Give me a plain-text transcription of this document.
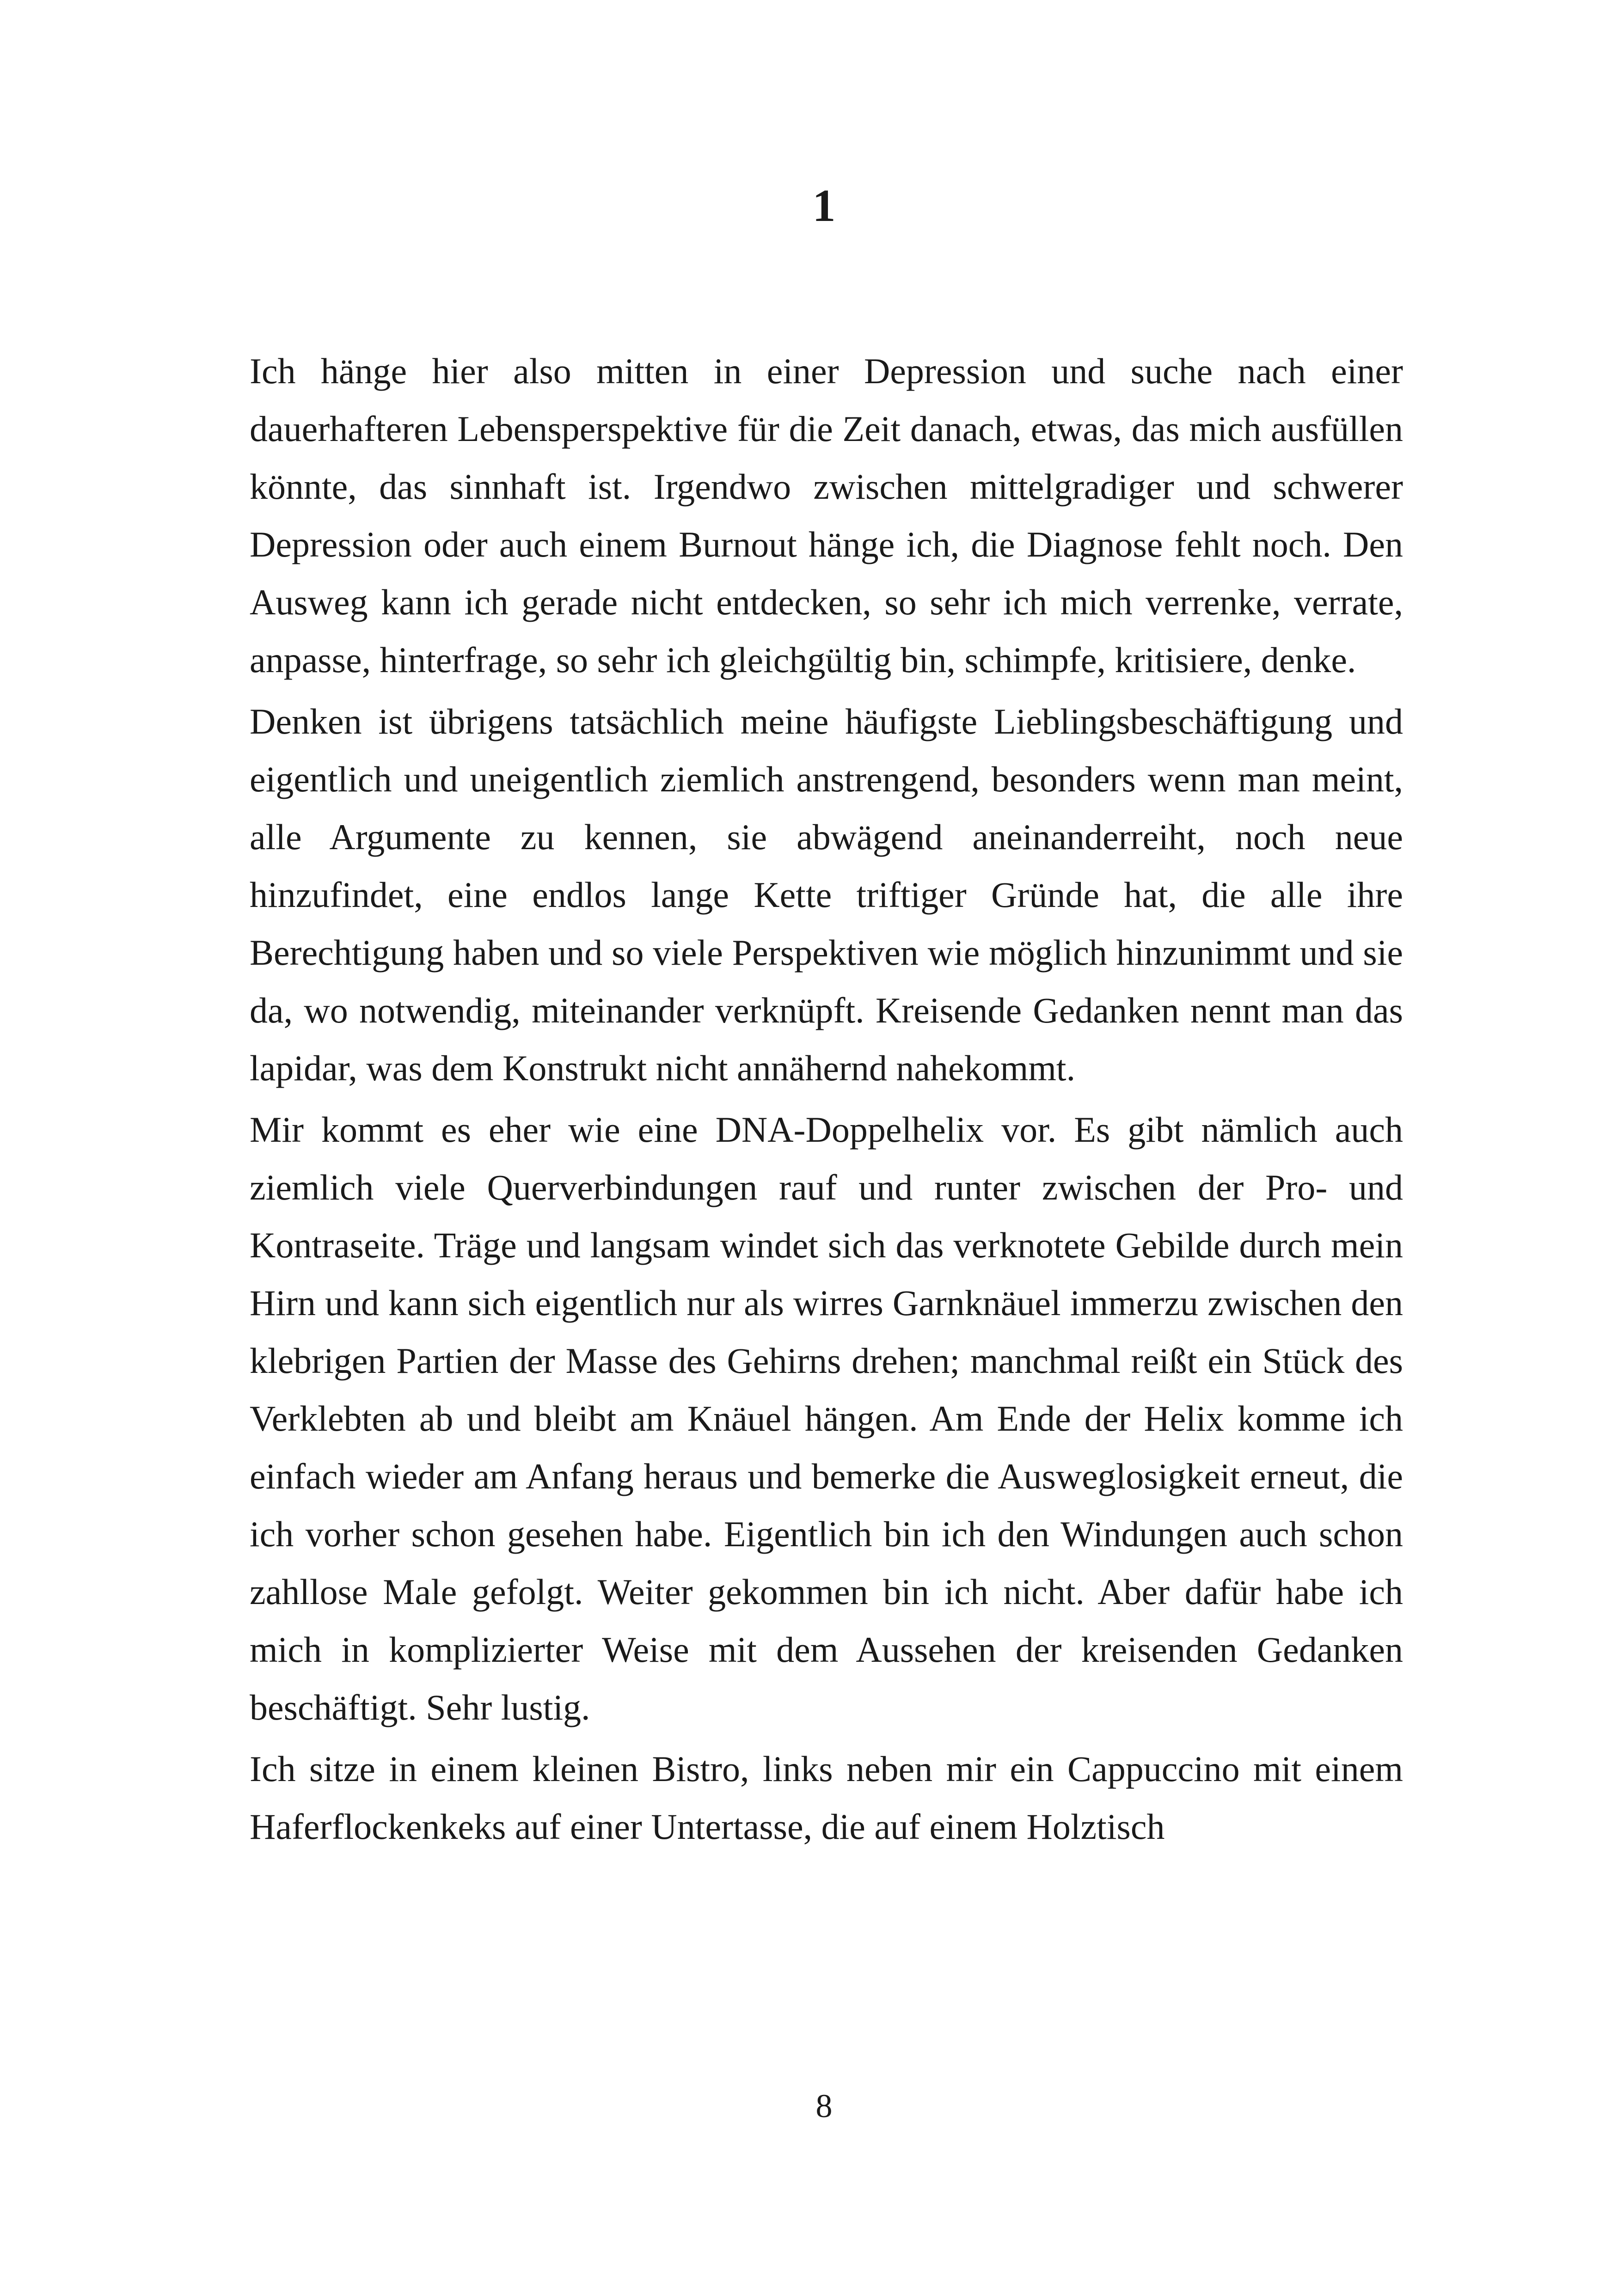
1

Ich hänge hier also mitten in einer Depression und suche nach einer dauerhafteren Lebensperspektive für die Zeit danach, etwas, das mich ausfüllen könnte, das sinnhaft ist. Irgendwo zwischen mittelgradiger und schwerer Depression oder auch einem Burnout hänge ich, die Diagnose fehlt noch. Den Ausweg kann ich gerade nicht entdecken, so sehr ich mich verrenke, verrate, anpasse, hinterfrage, so sehr ich gleichgültig bin, schimpfe, kritisiere, denke.

Denken ist übrigens tatsächlich meine häufigste Lieblingsbeschäftigung und eigentlich und uneigentlich ziemlich anstrengend, besonders wenn man meint, alle Argumente zu kennen, sie abwägend aneinanderreiht, noch neue hinzufindet, eine endlos lange Kette triftiger Gründe hat, die alle ihre Berechtigung haben und so viele Perspektiven wie möglich hinzunimmt und sie da, wo notwendig, miteinander verknüpft. Kreisende Gedanken nennt man das lapidar, was dem Konstrukt nicht annähernd nahekommt.

Mir kommt es eher wie eine DNA-Doppelhelix vor. Es gibt nämlich auch ziemlich viele Querverbindungen rauf und runter zwischen der Pro- und Kontraseite. Träge und langsam windet sich das verknotete Gebilde durch mein Hirn und kann sich eigentlich nur als wirres Garnknäuel immerzu zwischen den klebrigen Partien der Masse des Gehirns drehen; manchmal reißt ein Stück des Verklebten ab und bleibt am Knäuel hängen. Am Ende der Helix komme ich einfach wieder am Anfang heraus und bemerke die Ausweglosigkeit erneut, die ich vorher schon gesehen habe. Eigentlich bin ich den Windungen auch schon zahllose Male gefolgt. Weiter gekommen bin ich nicht. Aber dafür habe ich mich in komplizierter Weise mit dem Aussehen der kreisenden Gedanken beschäftigt. Sehr lustig.

Ich sitze in einem kleinen Bistro, links neben mir ein Cappuccino mit einem Haferflockenkeks auf einer Untertasse, die auf einem Holztisch

8
